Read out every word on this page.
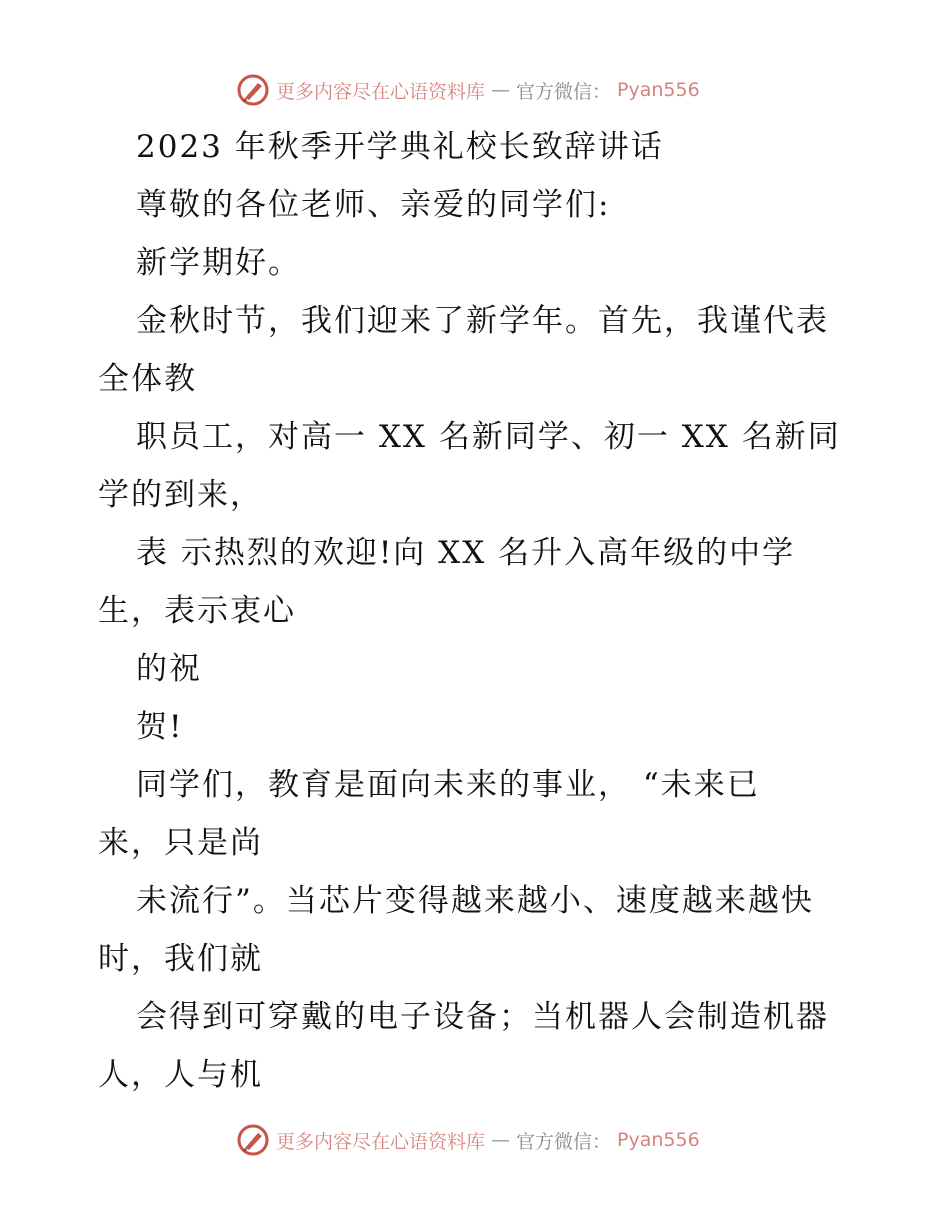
更多内容尽在心语资料库 — 官方微信： Pyan556
2023 年秋季开学典礼校长致辞讲话
尊敬的各位老师、亲爱的同学们:
新学期好。
金秋时节，我们迎来了新学年。首先，我谨代表
全体教
职员工，对高一 XX 名新同学、初一 XX 名新同
学的到来，
表 示热烈的欢迎!向 XX 名升入高年级的中学
生，表示衷心
的祝
贺!
同学们，教育是面向未来的事业， “未来已
来，只是尚
未流行”。当芯片变得越来越小、速度越来越快
时，我们就
会得到可穿戴的电子设备；当机器人会制造机器
人，人与机
更多内容尽在心语资料库 — 官方微信： Pyan556
